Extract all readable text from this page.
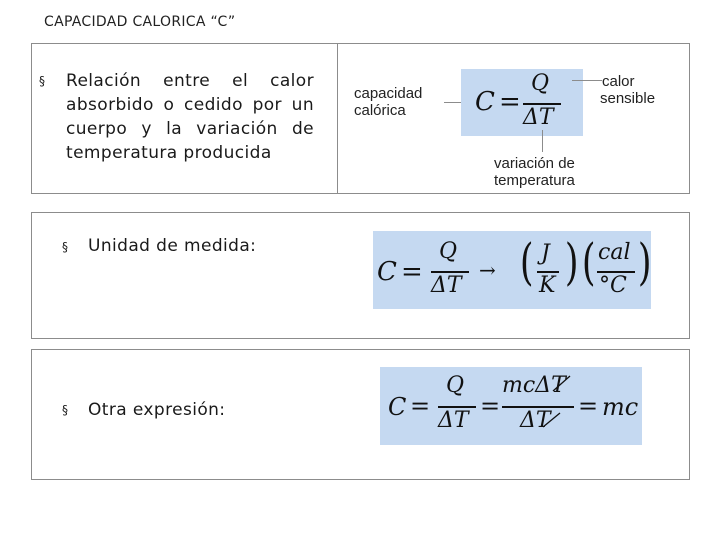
CAPACIDAD CALORICA “C”
§ Relación entre el calor
absorbido o cedido por un
cuerpo y la variación de
temperatura producida
capacidad
calórica	C =
Q
ΔT
calor
sensible
variación de
temperatura
§ Unidad de medida:
C =
Q
ΔT
→ ( J
K ) ( cal
°C )
§ Otra expresión:	C =
Q
ΔT
=
mcΔT
ΔT
= mc
